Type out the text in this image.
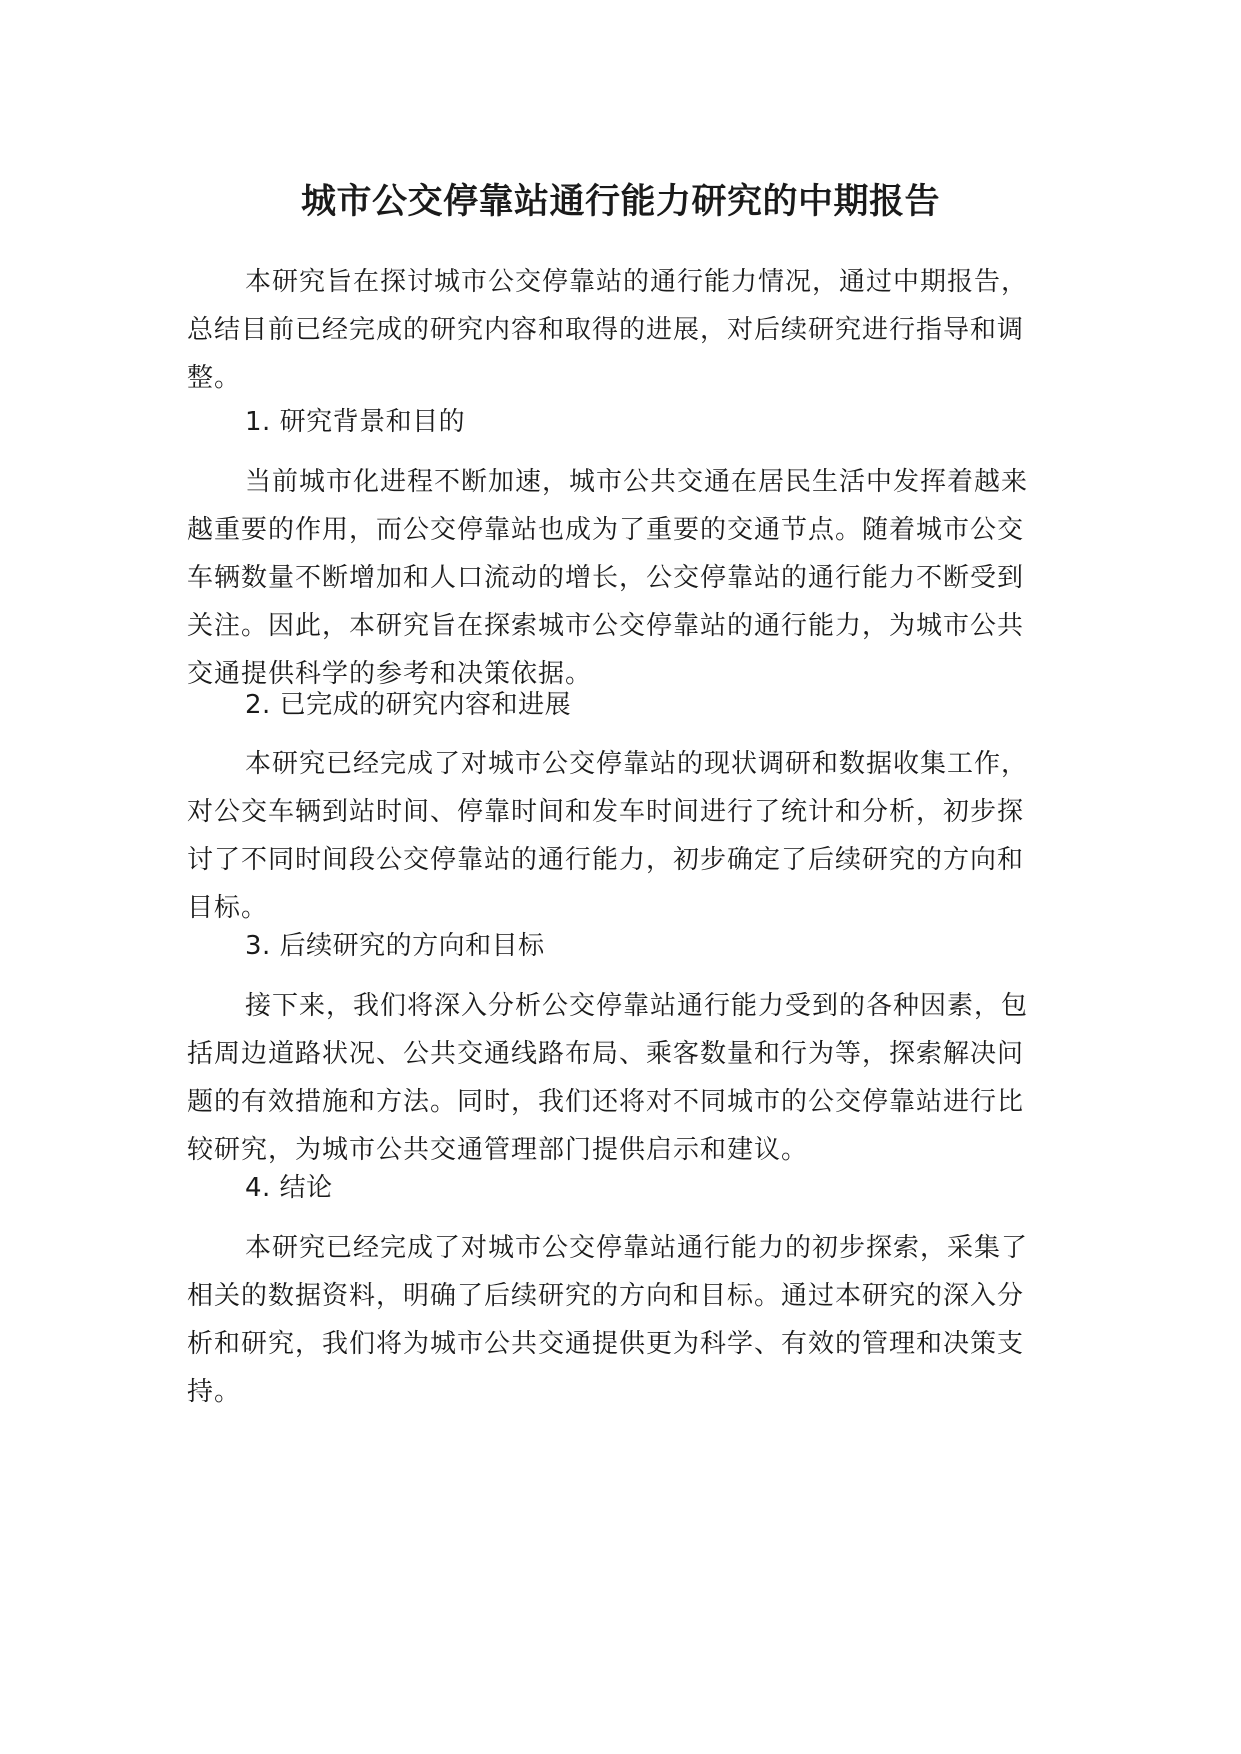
城市公交停靠站通行能力研究的中期报告

本研究旨在探讨城市公交停靠站的通行能力情况，通过中期报告，总结目前已经完成的研究内容和取得的进展，对后续研究进行指导和调整。

1. 研究背景和目的

当前城市化进程不断加速，城市公共交通在居民生活中发挥着越来越重要的作用，而公交停靠站也成为了重要的交通节点。随着城市公交车辆数量不断增加和人口流动的增长，公交停靠站的通行能力不断受到关注。因此，本研究旨在探索城市公交停靠站的通行能力，为城市公共交通提供科学的参考和决策依据。

2. 已完成的研究内容和进展

本研究已经完成了对城市公交停靠站的现状调研和数据收集工作，对公交车辆到站时间、停靠时间和发车时间进行了统计和分析，初步探讨了不同时间段公交停靠站的通行能力，初步确定了后续研究的方向和目标。

3. 后续研究的方向和目标

接下来，我们将深入分析公交停靠站通行能力受到的各种因素，包括周边道路状况、公共交通线路布局、乘客数量和行为等，探索解决问题的有效措施和方法。同时，我们还将对不同城市的公交停靠站进行比较研究，为城市公共交通管理部门提供启示和建议。

4. 结论

本研究已经完成了对城市公交停靠站通行能力的初步探索，采集了相关的数据资料，明确了后续研究的方向和目标。通过本研究的深入分析和研究，我们将为城市公共交通提供更为科学、有效的管理和决策支持。
